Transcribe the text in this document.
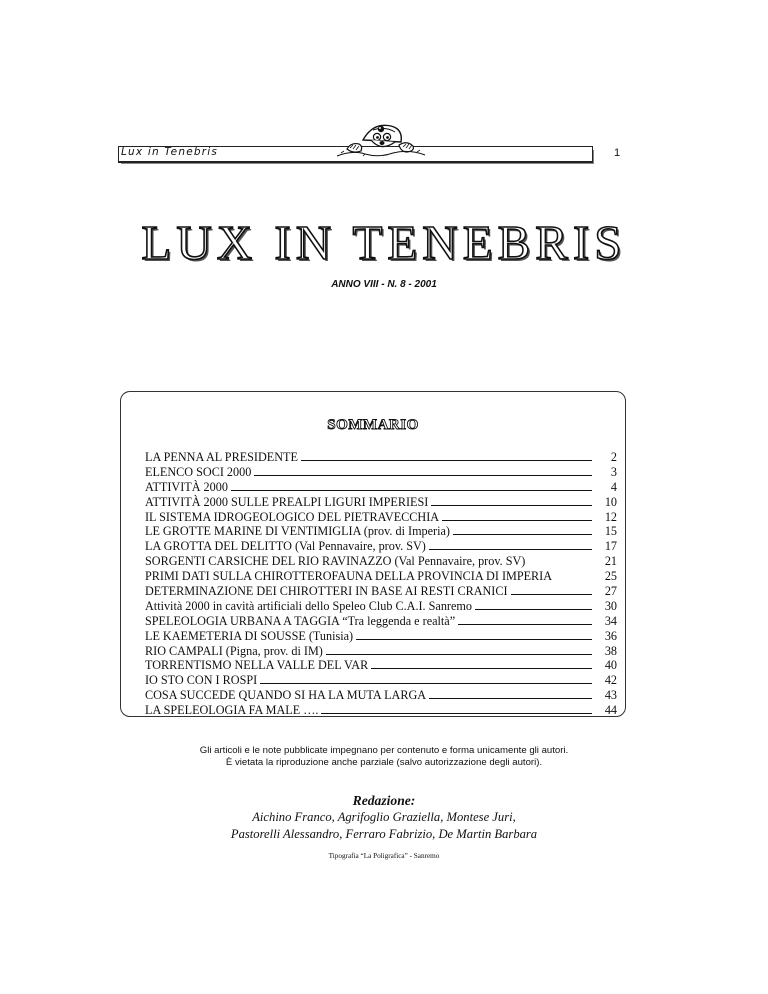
Lux in Tenebris	1
LUX IN TENEBRIS
ANNO VIII - N. 8 - 2001
SOMMARIO
LA PENNA AL PRESIDENTE	2
ELENCO SOCI 2000	3
ATTIVITÀ 2000	4
ATTIVITÀ 2000 SULLE PREALPI LIGURI IMPERIESI	10
IL SISTEMA IDROGEOLOGICO DEL PIETRAVECCHIA	12
LE GROTTE MARINE DI VENTIMIGLIA (prov. di Imperia)	15
LA GROTTA DEL DELITTO (Val Pennavaire, prov. SV)	17
SORGENTI CARSICHE DEL RIO RAVINAZZO (Val Pennavaire, prov. SV)	21
PRIMI DATI SULLA CHIROTTEROFAUNA DELLA PROVINCIA DI IMPERIA	25
DETERMINAZIONE DEI CHIROTTERI IN BASE AI RESTI CRANICI	27
Attività 2000 in cavità artificiali dello Speleo Club C.A.I. Sanremo	30
SPELEOLOGIA URBANA A TAGGIA “Tra leggenda e realtà”	34
LE KAEMETERIA DI SOUSSE (Tunisia)	36
RIO CAMPALI (Pigna, prov. di IM)	38
TORRENTISMO NELLA VALLE DEL VAR	40
IO STO CON I ROSPI	42
COSA SUCCEDE QUANDO SI HA LA MUTA LARGA	43
LA SPELEOLOGIA FA MALE ….	44
Gli articoli e le note pubblicate impegnano per contenuto e forma unicamente gli autori.
È vietata la riproduzione anche parziale (salvo autorizzazione degli autori).
Redazione:
Aichino Franco, Agrifoglio Graziella, Montese Juri,
Pastorelli Alessandro, Ferraro Fabrizio, De Martin Barbara
Tipografia “La Poligrafica” - Sanremo
